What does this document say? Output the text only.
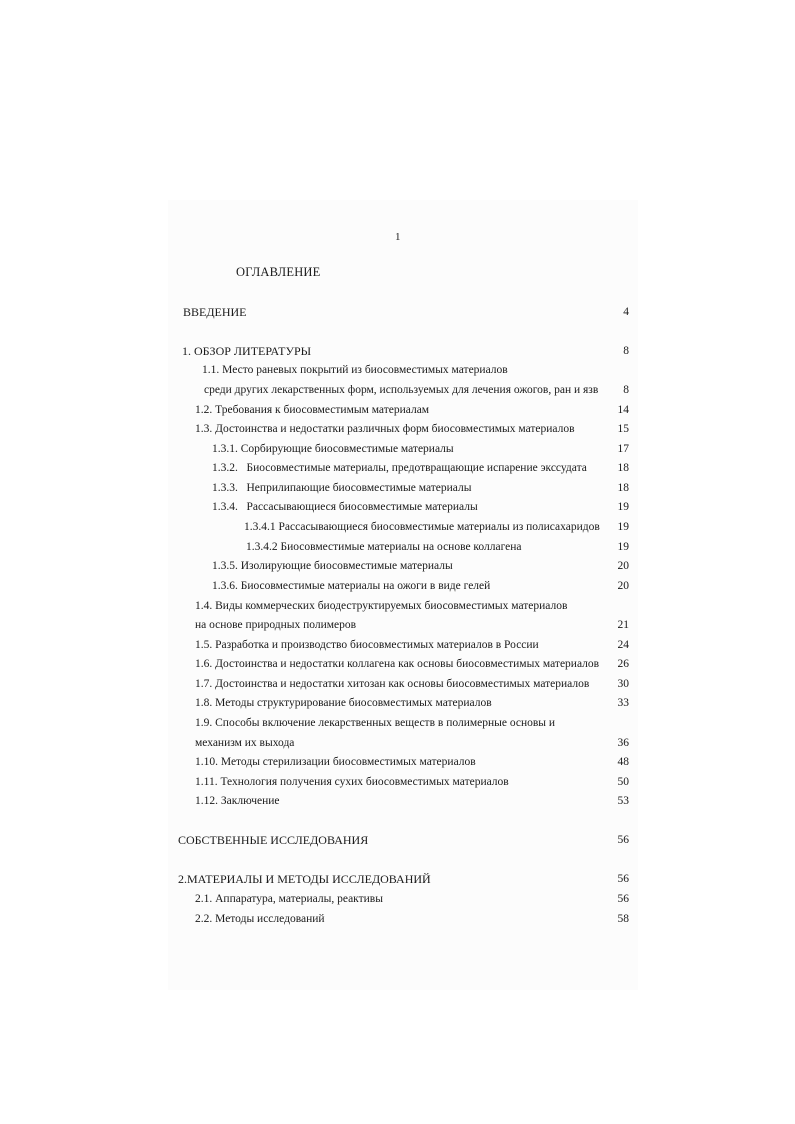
1
ОГЛАВЛЕНИЕ
ВВЕДЕНИЕ	4
1. ОБЗОР ЛИТЕРАТУРЫ	8
1.1. Место раневых покрытий из биосовместимых материалов
среди других лекарственных форм, используемых для лечения ожогов, ран и язв	8
1.2. Требования к биосовместимым материалам	14
1.3. Достоинства и недостатки различных форм биосовместимых материалов	15
1.3.1. Сорбирующие биосовместимые материалы	17
1.3.2.   Биосовместимые материалы, предотвращающие испарение экссудата	18
1.3.3.   Неприлипающие биосовместимые материалы	18
1.3.4.   Рассасывающиеся биосовместимые материалы	19
1.3.4.1 Рассасывающиеся биосовместимые материалы из полисахаридов	19
1.3.4.2 Биосовместимые материалы на основе коллагена	19
1.3.5. Изолирующие биосовместимые материалы	20
1.3.6. Биосовместимые материалы на ожоги в виде гелей	20
1.4. Виды коммерческих биодеструктируемых биосовместимых материалов
на основе природных полимеров	21
1.5. Разработка и производство биосовместимых материалов в России	24
1.6. Достоинства и недостатки коллагена как основы биосовместимых материалов	26
1.7. Достоинства и недостатки хитозан как основы биосовместимых материалов	30
1.8. Методы структурирование биосовместимых материалов	33
1.9. Способы включение лекарственных веществ в полимерные основы и
механизм их выхода	36
1.10. Методы стерилизации биосовместимых материалов	48
1.11. Технология получения сухих биосовместимых материалов	50
1.12. Заключение	53
СОБСТВЕННЫЕ ИССЛЕДОВАНИЯ	56
2.МАТЕРИАЛЫ И МЕТОДЫ ИССЛЕДОВАНИЙ	56
2.1. Аппаратура, материалы, реактивы	56
2.2. Методы исследований	58
